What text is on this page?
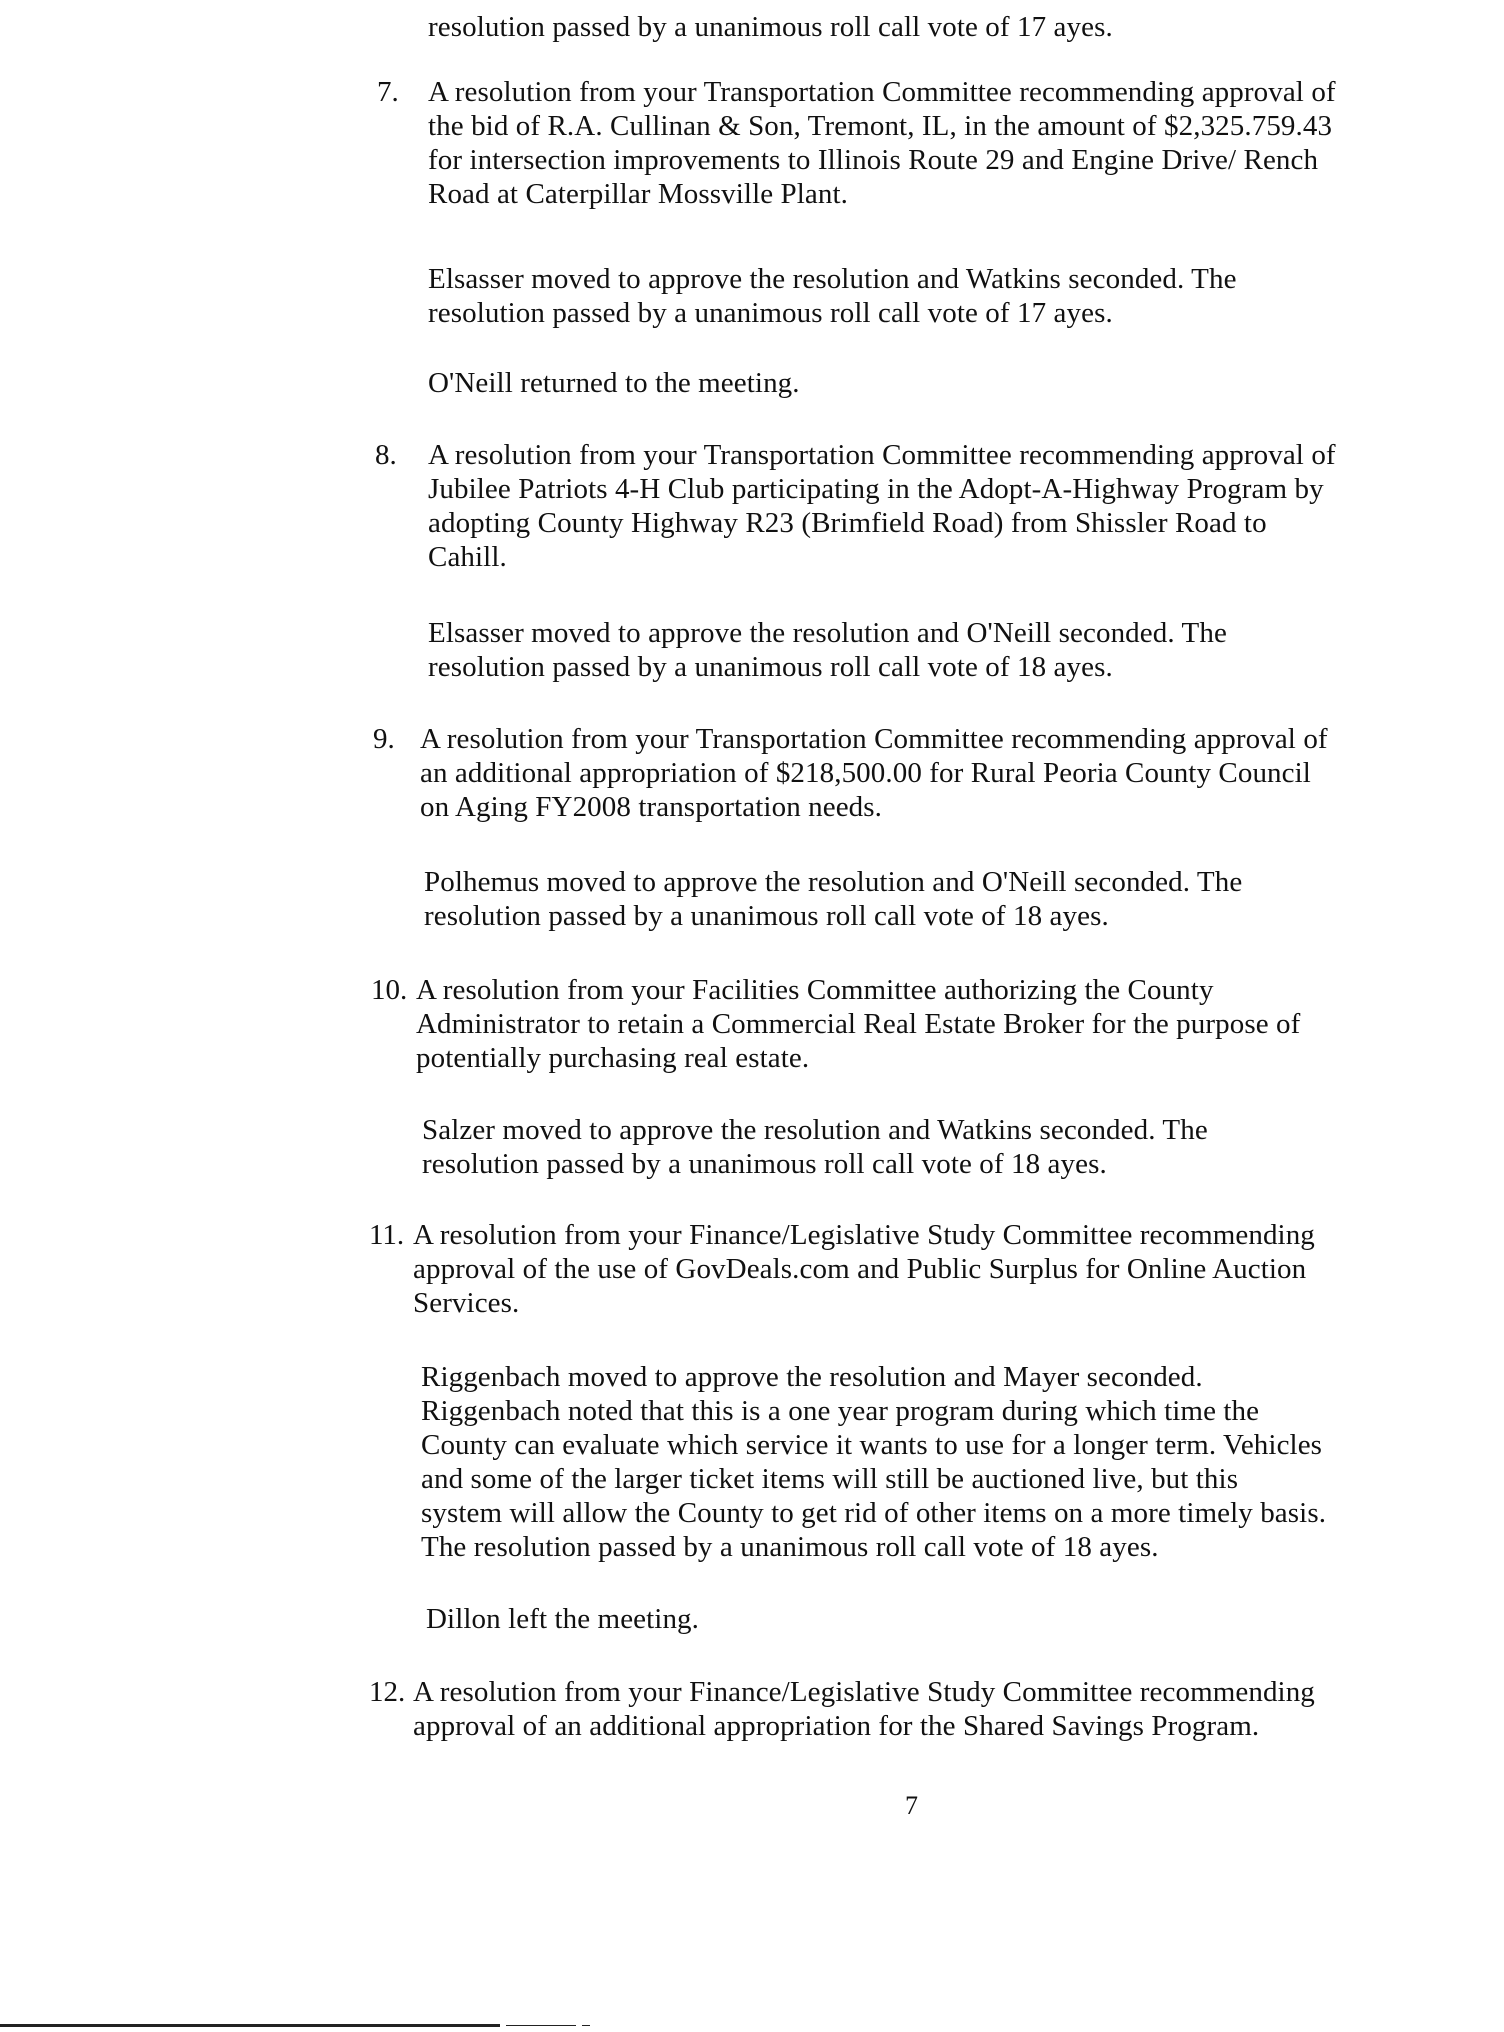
resolution passed by a unanimous roll call vote of 17 ayes.
7. A resolution from your Transportation Committee recommending approval of
the bid of R.A. Cullinan & Son, Tremont, IL, in the amount of $2,325.759.43
for intersection improvements to Illinois Route 29 and Engine Drive/ Rench
Road at Caterpillar Mossville Plant.
Elsasser moved to approve the resolution and Watkins seconded. The
resolution passed by a unanimous roll call vote of 17 ayes.
O'Neill returned to the meeting.
8. A resolution from your Transportation Committee recommending approval of
Jubilee Patriots 4-H Club participating in the Adopt-A-Highway Program by
adopting County Highway R23 (Brimfield Road) from Shissler Road to
Cahill.
Elsasser moved to approve the resolution and O'Neill seconded. The
resolution passed by a unanimous roll call vote of 18 ayes.
9. A resolution from your Transportation Committee recommending approval of
an additional appropriation of $218,500.00 for Rural Peoria County Council
on Aging FY2008 transportation needs.
Polhemus moved to approve the resolution and O'Neill seconded. The
resolution passed by a unanimous roll call vote of 18 ayes.
10. A resolution from your Facilities Committee authorizing the County
Administrator to retain a Commercial Real Estate Broker for the purpose of
potentially purchasing real estate.
Salzer moved to approve the resolution and Watkins seconded. The
resolution passed by a unanimous roll call vote of 18 ayes.
11. A resolution from your Finance/Legislative Study Committee recommending
approval of the use of GovDeals.com and Public Surplus for Online Auction
Services.
Riggenbach moved to approve the resolution and Mayer seconded.
Riggenbach noted that this is a one year program during which time the
County can evaluate which service it wants to use for a longer term. Vehicles
and some of the larger ticket items will still be auctioned live, but this
system will allow the County to get rid of other items on a more timely basis.
The resolution passed by a unanimous roll call vote of 18 ayes.
Dillon left the meeting.
12. A resolution from your Finance/Legislative Study Committee recommending
approval of an additional appropriation for the Shared Savings Program.
7
